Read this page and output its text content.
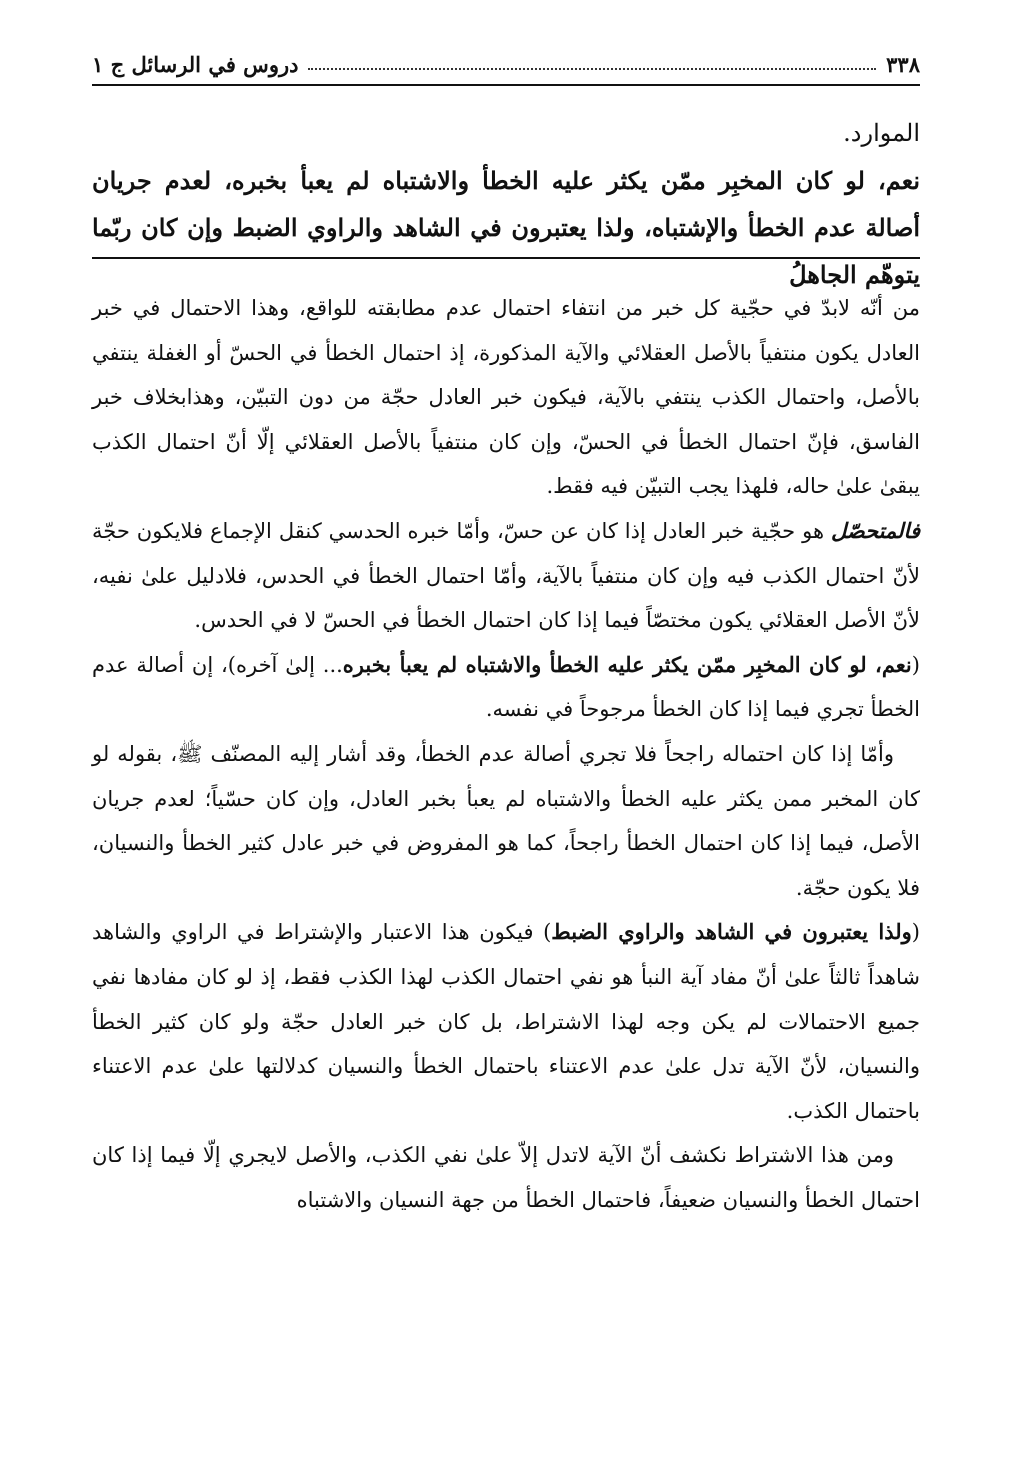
٣٣٨
دروس في الرسائل ج ١
الموارد.
نعم، لو كان المخبِر ممّن يكثر عليه الخطأ والاشتباه لم يعبأ بخبره، لعدم جريان أصالة عدم الخطأ والإشتباه، ولذا يعتبرون في الشاهد والراوي الضبط وإن كان ربّما يتوهّم الجاهلُ

من أنّه لابدّ في حجّية كل خبر من انتفاء احتمال عدم مطابقته للواقع، وهذا الاحتمال في خبر العادل يكون منتفياً بالأصل العقلائي والآية المذكورة، إذ احتمال الخطأ في الحسّ أو الغفلة ينتفي بالأصل، واحتمال الكذب ينتفي بالآية، فيكون خبر العادل حجّة من دون التبيّن، وهذابخلاف خبر الفاسق، فإنّ احتمال الخطأ في الحسّ، وإن كان منتفياً بالأصل العقلائي إلّا أنّ احتمال الكذب يبقىٰ علىٰ حاله، فلهذا يجب التبيّن فيه فقط.

فالمتحصّل هو حجّية خبر العادل إذا كان عن حسّ، وأمّا خبره الحدسي كنقل الإجماع فلايكون حجّة لأنّ احتمال الكذب فيه وإن كان منتفياً بالآية، وأمّا احتمال الخطأ في الحدس، فلادليل علىٰ نفيه، لأنّ الأصل العقلائي يكون مختصّاً فيما إذا كان احتمال الخطأ في الحسّ لا في الحدس.

(نعم، لو كان المخبِر ممّن يكثر عليه الخطأ والاشتباه لم يعبأ بخبره... إلىٰ آخره)، إن أصالة عدم الخطأ تجري فيما إذا كان الخطأ مرجوحاً في نفسه.

وأمّا إذا كان احتماله راجحاً فلا تجري أصالة عدم الخطأ، وقد أشار إليه المصنّف ﷺ، بقوله لو كان المخبر ممن يكثر عليه الخطأ والاشتباه لم يعبأ بخبر العادل، وإن كان حسّياً؛ لعدم جريان الأصل، فيما إذا كان احتمال الخطأ راجحاً، كما هو المفروض في خبر عادل كثير الخطأ والنسيان، فلا يكون حجّة.

(ولذا يعتبرون في الشاهد والراوي الضبط) فيكون هذا الاعتبار والإشتراط في الراوي والشاهد شاهداً ثالثاً علىٰ أنّ مفاد آية النبأ هو نفي احتمال الكذب لهذا الكذب فقط، إذ لو كان مفادها نفي جميع الاحتمالات لم يكن وجه لهذا الاشتراط، بل كان خبر العادل حجّة ولو كان كثير الخطأ والنسيان، لأنّ الآية تدل علىٰ عدم الاعتناء باحتمال الخطأ والنسيان كدلالتها علىٰ عدم الاعتناء باحتمال الكذب.

ومن هذا الاشتراط نكشف أنّ الآية لاتدل إلاّ علىٰ نفي الكذب، والأصل لايجري إلّا فيما إذا كان احتمال الخطأ والنسيان ضعيفاً، فاحتمال الخطأ من جهة النسيان والاشتباه
